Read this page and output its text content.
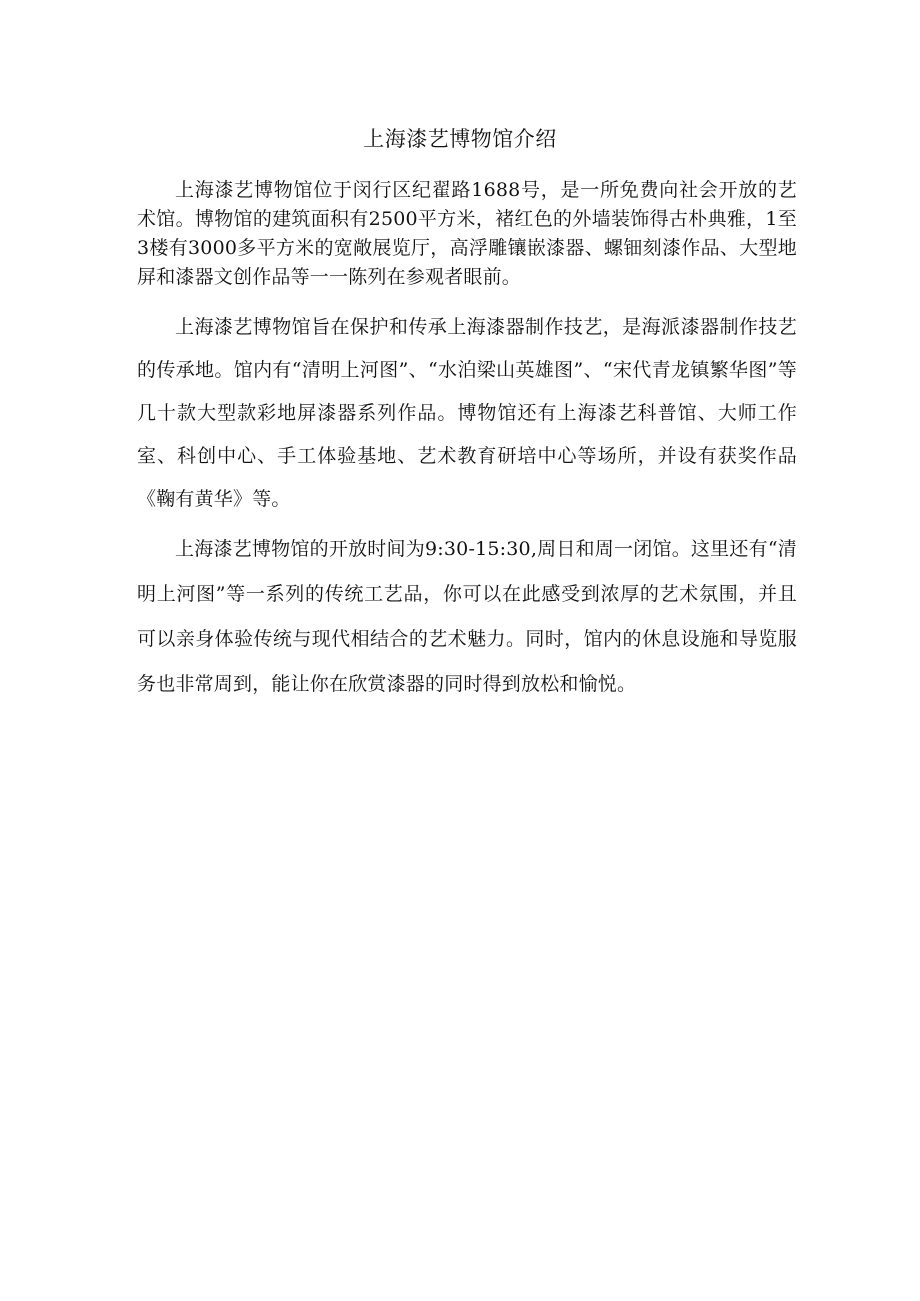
上海漆艺博物馆介绍

上海漆艺博物馆位于闵行区纪翟路1688号，是一所免费向社会开放的艺术馆。博物馆的建筑面积有2500平方米，褚红色的外墙装饰得古朴典雅，1至3楼有3000多平方米的宽敞展览厅，高浮雕镶嵌漆器、螺钿刻漆作品、大型地屏和漆器文创作品等一一陈列在参观者眼前。

上海漆艺博物馆旨在保护和传承上海漆器制作技艺，是海派漆器制作技艺的传承地。馆内有“清明上河图”、“水泊梁山英雄图”、“宋代青龙镇繁华图”等几十款大型款彩地屏漆器系列作品。博物馆还有上海漆艺科普馆、大师工作室、科创中心、手工体验基地、艺术教育研培中心等场所，并设有获奖作品《鞠有黄华》等。

上海漆艺博物馆的开放时间为9:30-15:30,周日和周一闭馆。这里还有“清明上河图”等一系列的传统工艺品，你可以在此感受到浓厚的艺术氛围，并且可以亲身体验传统与现代相结合的艺术魅力。同时，馆内的休息设施和导览服务也非常周到，能让你在欣赏漆器的同时得到放松和愉悦。
